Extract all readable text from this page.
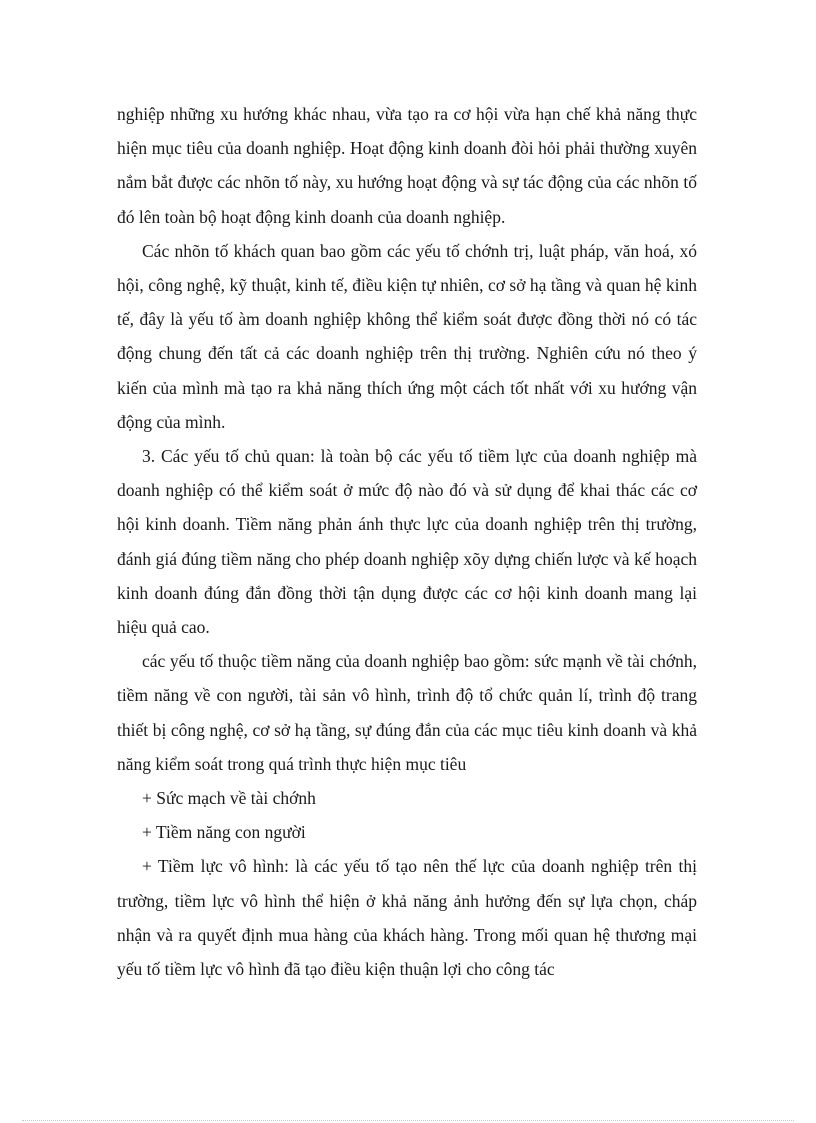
nghiệp những xu hướng khác nhau, vừa tạo ra cơ hội vừa hạn chế khả năng thực hiện mục tiêu của doanh nghiệp. Hoạt động kinh doanh đòi hỏi phải thường xuyên nắm bắt được các nhõn tố này, xu hướng hoạt động và sự tác động của các nhõn tố đó lên toàn bộ hoạt động kinh doanh của doanh nghiệp.

Các nhõn tố khách quan bao gồm các yếu tố chớnh trị, luật pháp, văn hoá, xó hội, công nghệ, kỹ thuật, kinh tế, điều kiện tự nhiên, cơ sở hạ tầng và quan hệ kinh tế, đây là yếu tố àm doanh nghiệp không thể kiểm soát được đồng thời nó có tác động chung đến tất cả các doanh nghiệp trên thị trường. Nghiên cứu nó theo ý kiến của mình mà tạo ra khả năng thích ứng một cách tốt nhất với xu hướng vận động của mình.

3. Các yếu tố chủ quan: là toàn bộ các yếu tố tiềm lực của doanh nghiệp mà doanh nghiệp có thể kiểm soát ở mức độ nào đó và sử dụng để khai thác các cơ hội kinh doanh. Tiềm năng phản ánh thực lực của doanh nghiệp trên thị trường, đánh giá đúng tiềm năng cho phép doanh nghiệp xõy dựng chiến lược và kế hoạch kinh doanh đúng đắn đồng thời tận dụng được các cơ hội kinh doanh mang lại hiệu quả cao.

các yếu tố thuộc tiềm năng của doanh nghiệp bao gồm: sức mạnh về tài chớnh, tiềm năng về con người, tài sản vô hình, trình độ tổ chức quản lí, trình độ trang thiết bị công nghệ, cơ sở hạ tầng, sự đúng đắn của các mục tiêu kinh doanh và khả năng kiểm soát trong quá trình thực hiện mục tiêu

+ Sức mạch về tài chớnh

+ Tiềm năng con người

+ Tiềm lực vô hình: là các yếu tố tạo nên thế lực của doanh nghiệp trên thị trường, tiềm lực vô hình thể hiện ở khả năng ảnh hưởng đến sự lựa chọn, cháp nhận và ra quyết định mua hàng của khách hàng. Trong mối quan hệ thương mại yếu tố tiềm lực vô hình đã tạo điều kiện thuận lợi cho công tác
